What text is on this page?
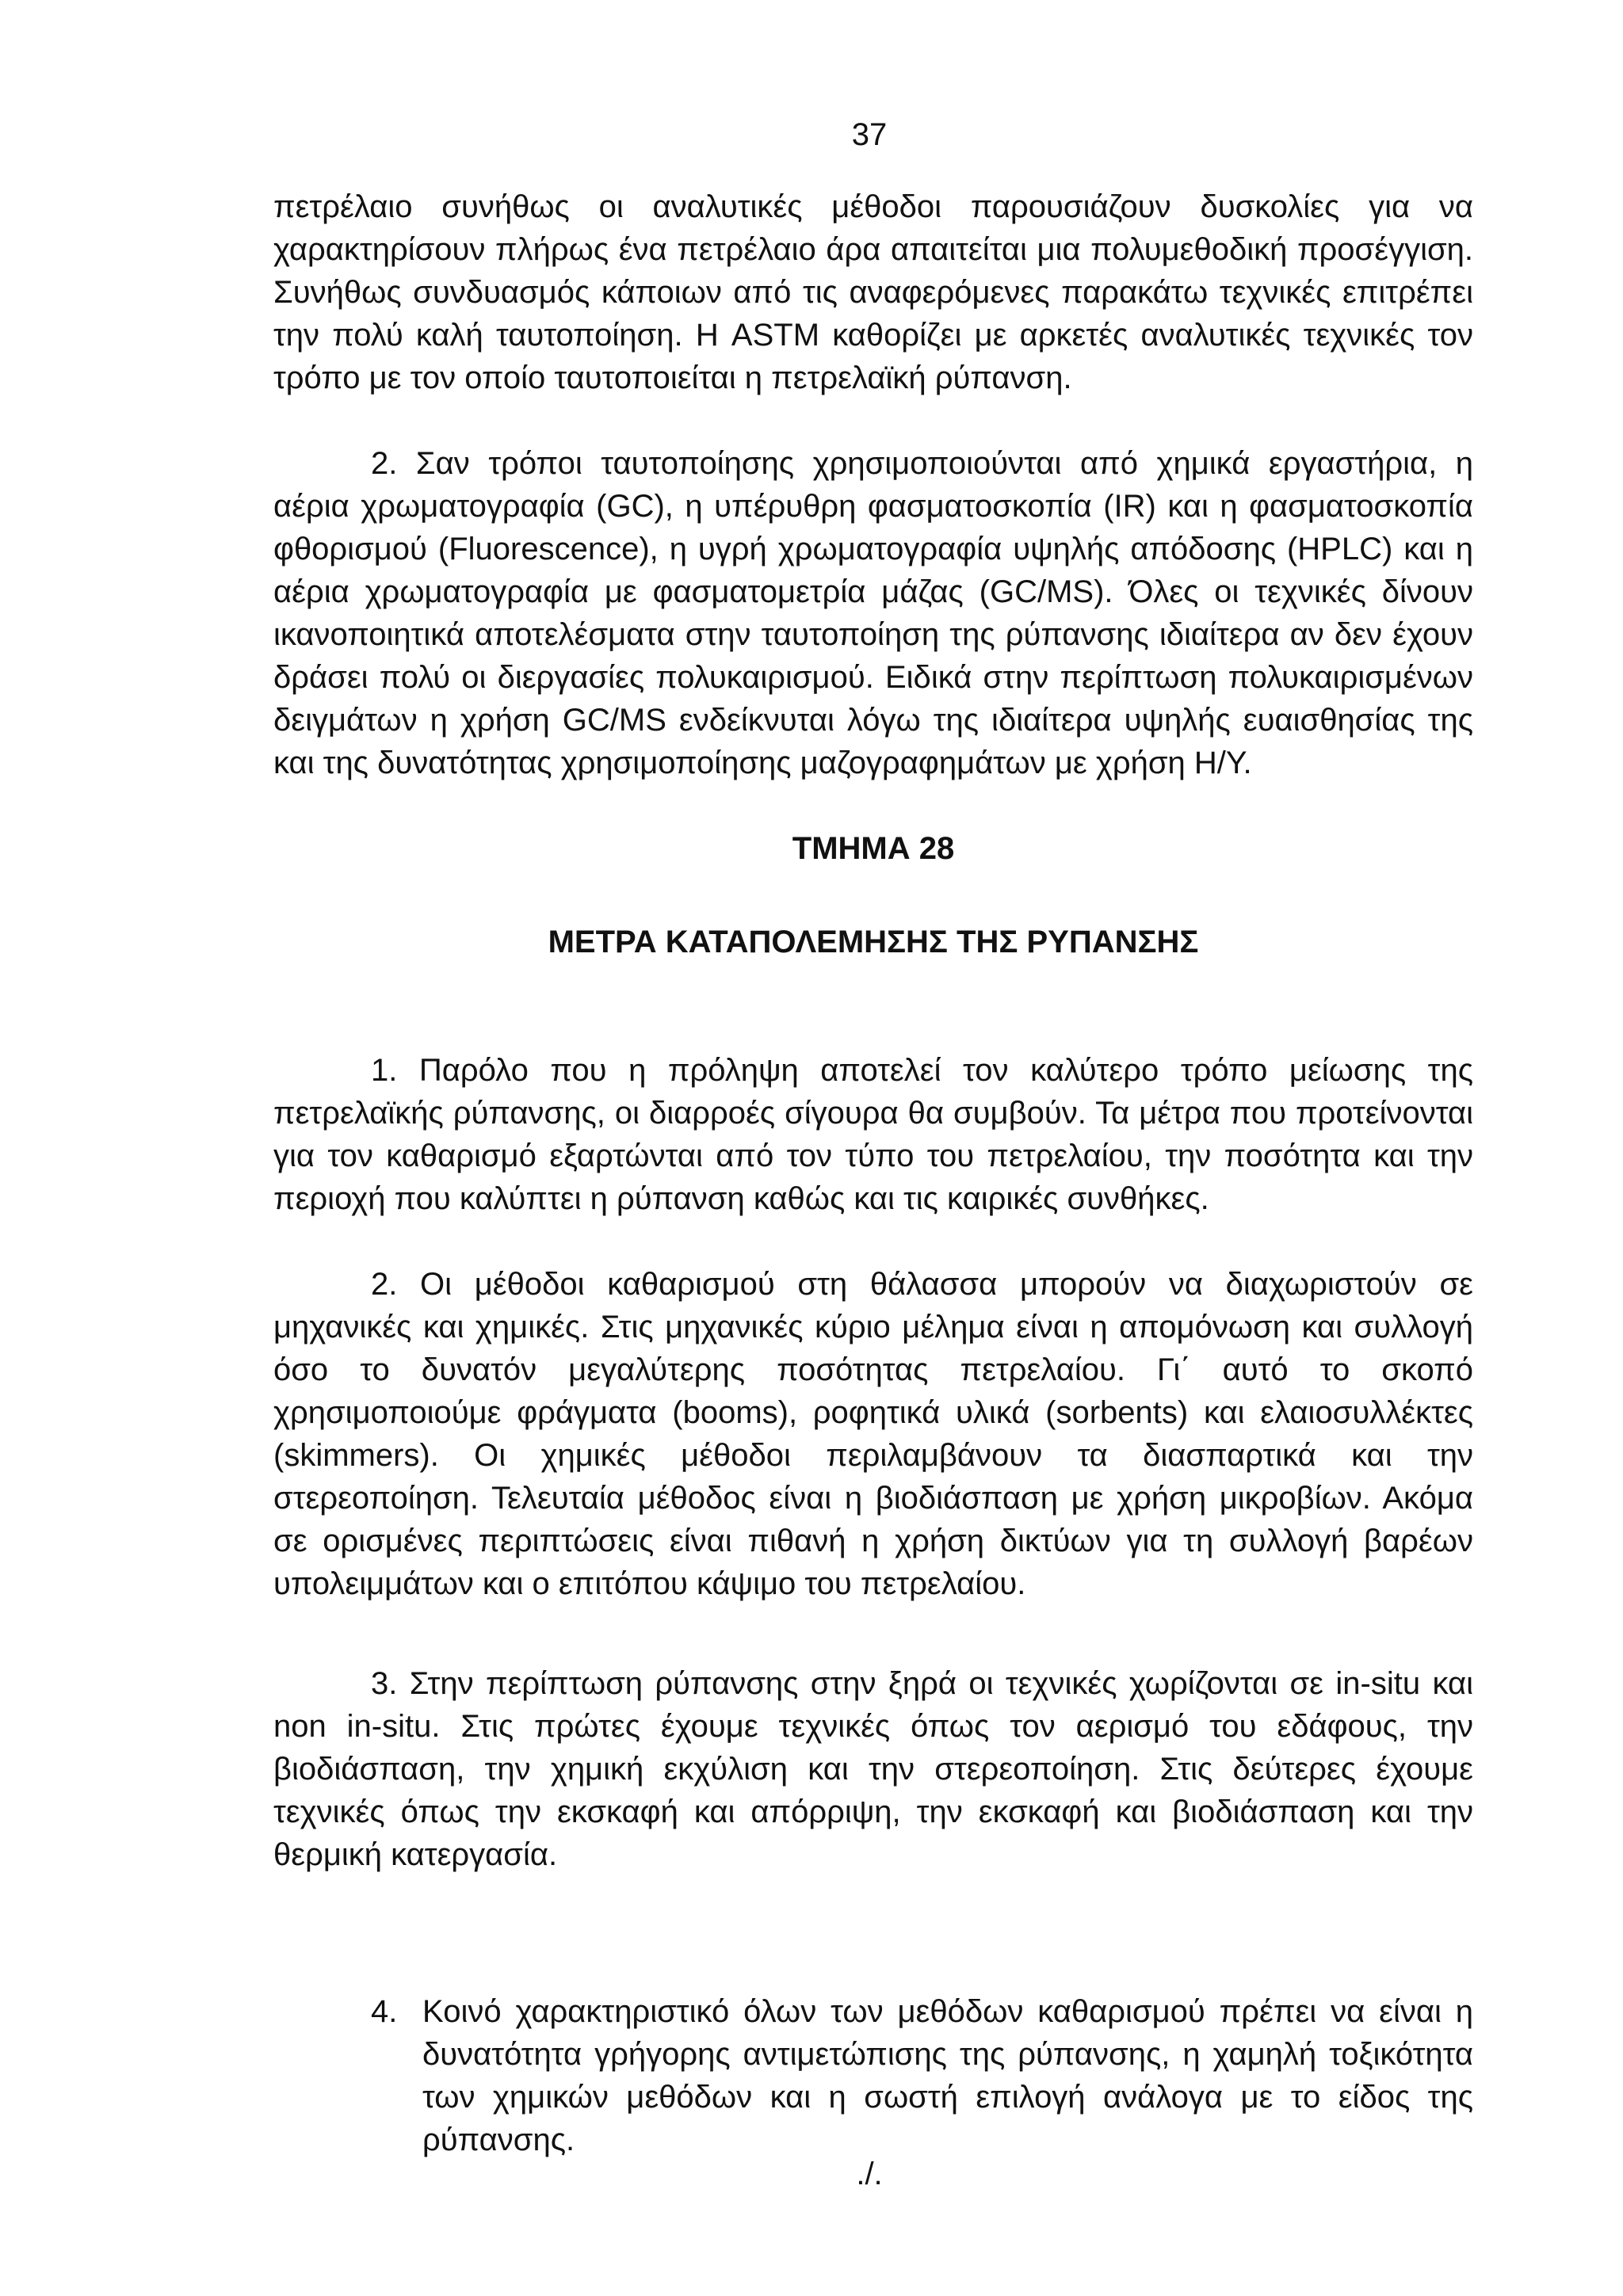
37

πετρέλαιο συνήθως οι αναλυτικές μέθοδοι παρουσιάζουν δυσκολίες για να χαρακτηρίσουν πλήρως ένα πετρέλαιο άρα απαιτείται μια πολυμεθοδική προσέγγιση. Συνήθως συνδυασμός κάποιων από τις αναφερόμενες παρακάτω τεχνικές επιτρέπει την πολύ καλή ταυτοποίηση. Η ASTM καθορίζει με αρκετές αναλυτικές τεχνικές τον τρόπο με τον οποίο ταυτοποιείται η πετρελαϊκή ρύπανση.

2. Σαν τρόποι ταυτοποίησης χρησιμοποιούνται από χημικά εργαστήρια, η αέρια χρωματογραφία (GC), η υπέρυθρη φασματοσκοπία (IR) και η φασματοσκοπία φθορισμού (Fluorescence), η υγρή χρωματογραφία υψηλής απόδοσης (HPLC) και η αέρια χρωματογραφία με φασματομετρία μάζας (GC/MS). Όλες οι τεχνικές δίνουν ικανοποιητικά αποτελέσματα στην ταυτοποίηση της ρύπανσης ιδιαίτερα αν δεν έχουν δράσει πολύ οι διεργασίες πολυκαιρισμού. Ειδικά στην περίπτωση πολυκαιρισμένων δειγμάτων η χρήση GC/MS ενδείκνυται λόγω της ιδιαίτερα υψηλής ευαισθησίας της και της δυνατότητας χρησιμοποίησης μαζογραφημάτων με χρήση Η/Υ.

ΤΜΗΜΑ 28

ΜΕΤΡΑ ΚΑΤΑΠΟΛΕΜΗΣΗΣ ΤΗΣ ΡΥΠΑΝΣΗΣ

1. Παρόλο που η πρόληψη αποτελεί τον καλύτερο τρόπο μείωσης της πετρελαϊκής ρύπανσης, οι διαρροές σίγουρα θα συμβούν. Τα μέτρα που προτείνονται για τον καθαρισμό εξαρτώνται από τον τύπο του πετρελαίου, την ποσότητα και την περιοχή που καλύπτει η ρύπανση καθώς και τις καιρικές συνθήκες.

2. Οι μέθοδοι καθαρισμού στη θάλασσα μπορούν να διαχωριστούν σε μηχανικές και χημικές. Στις μηχανικές κύριο μέλημα είναι η απομόνωση και συλλογή όσο το δυνατόν μεγαλύτερης ποσότητας πετρελαίου. Γι΄ αυτό το σκοπό χρησιμοποιούμε φράγματα (booms), ροφητικά υλικά (sorbents) και ελαιοσυλλέκτες (skimmers). Οι χημικές μέθοδοι περιλαμβάνουν τα διασπαρτικά και την στερεοποίηση. Τελευταία μέθοδος είναι η βιοδιάσπαση με χρήση μικροβίων. Ακόμα σε ορισμένες περιπτώσεις είναι πιθανή η χρήση δικτύων για τη συλλογή βαρέων υπολειμμάτων και ο επιτόπου κάψιμο του πετρελαίου.

3. Στην περίπτωση ρύπανσης στην ξηρά οι τεχνικές χωρίζονται σε in-situ και non in-situ. Στις πρώτες έχουμε τεχνικές όπως τον αερισμό του εδάφους, την βιοδιάσπαση, την χημική εκχύλιση και την στερεοποίηση. Στις δεύτερες έχουμε τεχνικές όπως την εκσκαφή και απόρριψη, την εκσκαφή και βιοδιάσπαση και την θερμική κατεργασία.

4. Κοινό χαρακτηριστικό όλων των μεθόδων καθαρισμού πρέπει να είναι η δυνατότητα γρήγορης αντιμετώπισης της ρύπανσης, η χαμηλή τοξικότητα των χημικών μεθόδων και η σωστή επιλογή ανάλογα με το είδος της ρύπανσης.
./.
